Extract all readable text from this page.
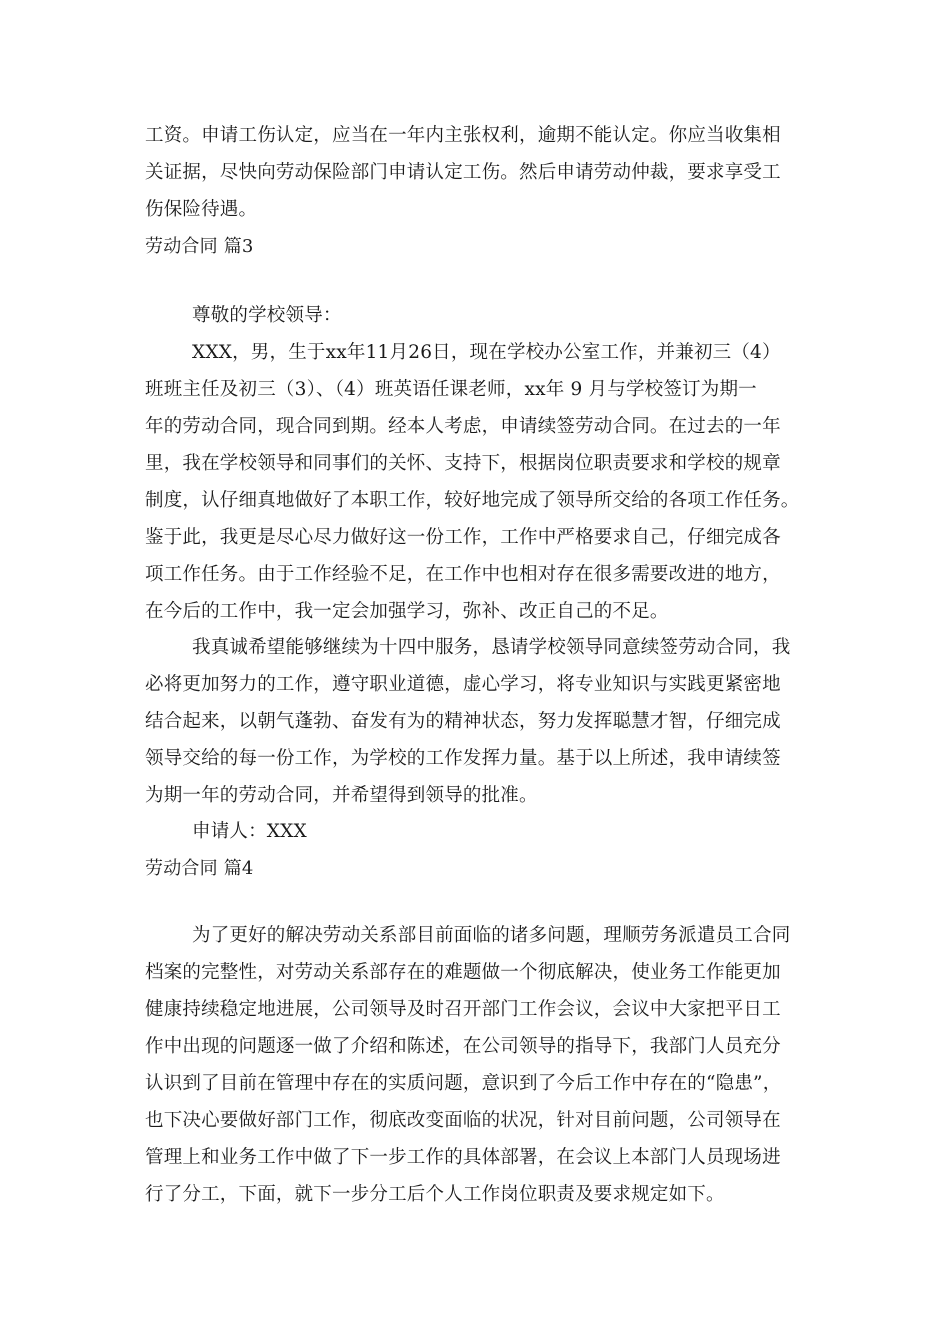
工资。申请工伤认定，应当在一年内主张权利，逾期不能认定。你应当收集相
关证据，尽快向劳动保险部门申请认定工伤。然后申请劳动仲裁，要求享受工
伤保险待遇。
劳动合同 篇3
尊敬的学校领导：
XXX，男，生于xx年11月26日，现在学校办公室工作，并兼初三（4）
班班主任及初三（3）、（4）班英语任课老师，xx年 9 月与学校签订为期一
年的劳动合同，现合同到期。经本人考虑，申请续签劳动合同。在过去的一年
里，我在学校领导和同事们的关怀、支持下，根据岗位职责要求和学校的规章
制度，认仔细真地做好了本职工作，较好地完成了领导所交给的各项工作任务。
鉴于此，我更是尽心尽力做好这一份工作，工作中严格要求自己，仔细完成各
项工作任务。由于工作经验不足，在工作中也相对存在很多需要改进的地方，
在今后的工作中，我一定会加强学习，弥补、改正自己的不足。
我真诚希望能够继续为十四中服务，恳请学校领导同意续签劳动合同，我
必将更加努力的工作，遵守职业道德，虚心学习，将专业知识与实践更紧密地
结合起来，以朝气蓬勃、奋发有为的精神状态，努力发挥聪慧才智，仔细完成
领导交给的每一份工作，为学校的工作发挥力量。基于以上所述，我申请续签
为期一年的劳动合同，并希望得到领导的批准。
申请人：XXX
劳动合同 篇4
为了更好的解决劳动关系部目前面临的诸多问题，理顺劳务派遣员工合同
档案的完整性，对劳动关系部存在的难题做一个彻底解决，使业务工作能更加
健康持续稳定地进展，公司领导及时召开部门工作会议，会议中大家把平日工
作中出现的问题逐一做了介绍和陈述，在公司领导的指导下，我部门人员充分
认识到了目前在管理中存在的实质问题，意识到了今后工作中存在的“隐患”，
也下决心要做好部门工作，彻底改变面临的状况，针对目前问题，公司领导在
管理上和业务工作中做了下一步工作的具体部署，在会议上本部门人员现场进
行了分工，下面，就下一步分工后个人工作岗位职责及要求规定如下。
